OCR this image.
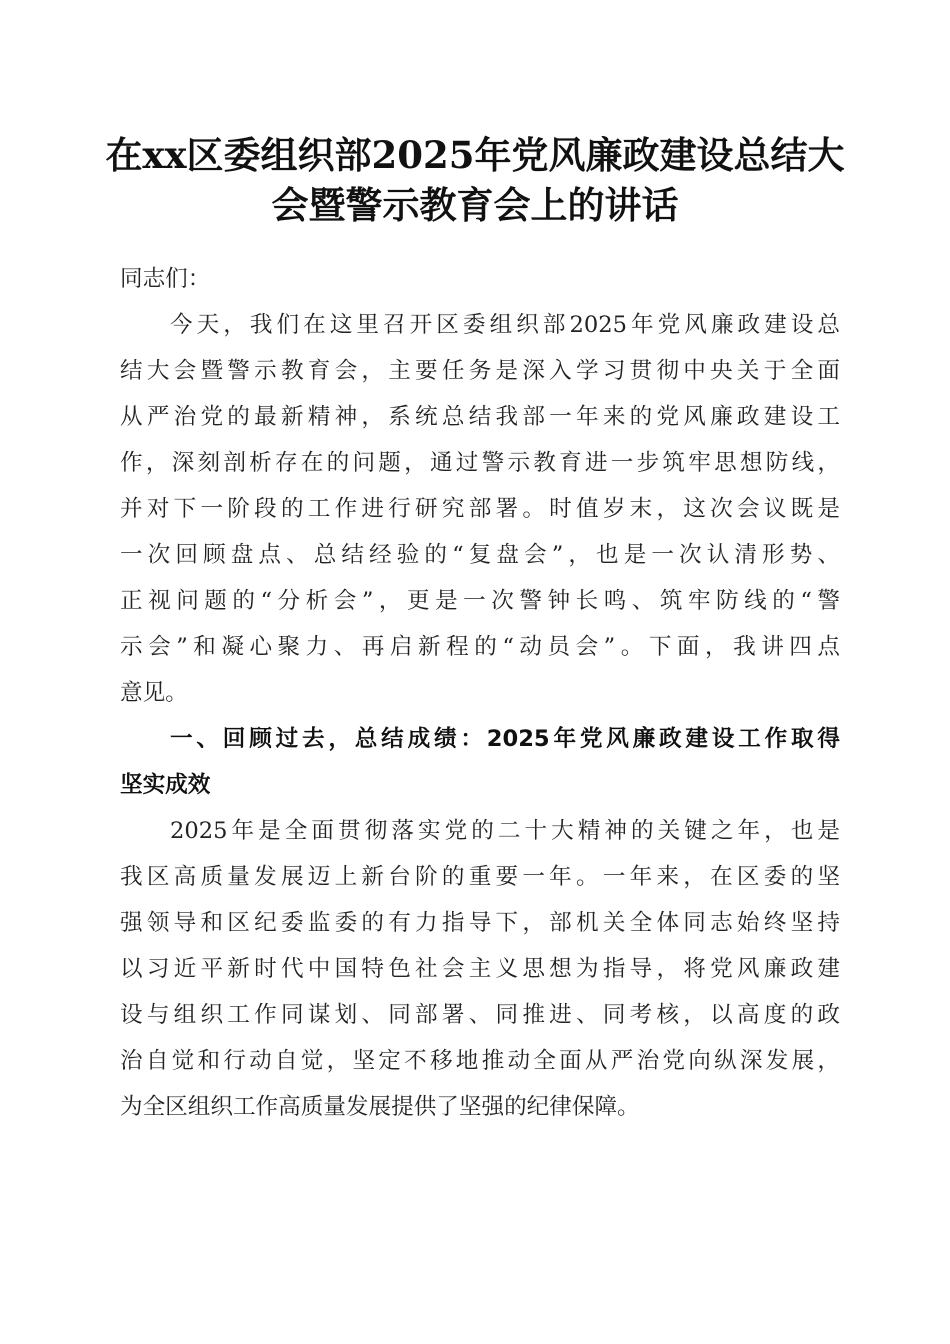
在xx区委组织部2025年党风廉政建设总结大
会暨警示教育会上的讲话
同志们：
今天，我们在这里召开区委组织部2025年党风廉政建设总
结大会暨警示教育会，主要任务是深入学习贯彻中央关于全面
从严治党的最新精神，系统总结我部一年来的党风廉政建设工
作，深刻剖析存在的问题，通过警示教育进一步筑牢思想防线，
并对下一阶段的工作进行研究部署。时值岁末，这次会议既是
一次回顾盘点、总结经验的“复盘会”，也是一次认清形势、
正视问题的“分析会”，更是一次警钟长鸣、筑牢防线的“警
示会”和凝心聚力、再启新程的“动员会”。下面，我讲四点
意见。
一、回顾过去，总结成绩：2025年党风廉政建设工作取得
坚实成效
2025年是全面贯彻落实党的二十大精神的关键之年，也是
我区高质量发展迈上新台阶的重要一年。一年来，在区委的坚
强领导和区纪委监委的有力指导下，部机关全体同志始终坚持
以习近平新时代中国特色社会主义思想为指导，将党风廉政建
设与组织工作同谋划、同部署、同推进、同考核，以高度的政
治自觉和行动自觉，坚定不移地推动全面从严治党向纵深发展，
为全区组织工作高质量发展提供了坚强的纪律保障。
